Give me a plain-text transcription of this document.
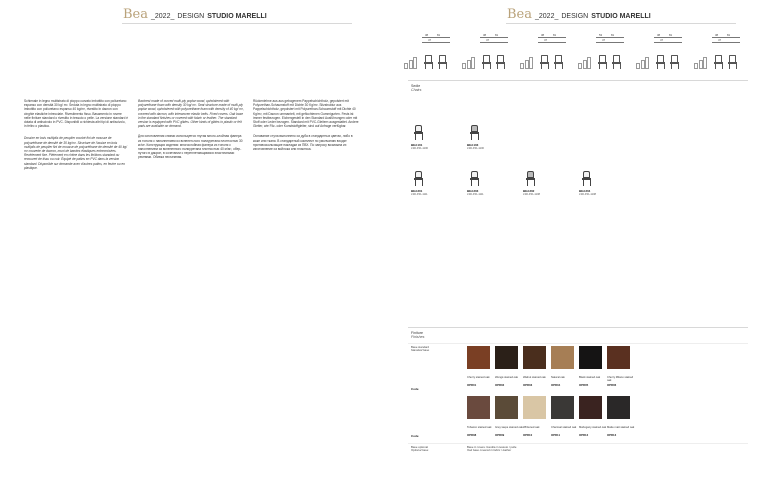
Bea _2022_ DESIGN STUDIO MARELLI

Schienale in legno multistrato di pioppo curvato imbottito con poliuretano espanso con densità 30 kg/ m³. Seduta in legno multistrato di pioppo imbottito con poliuretano espanso 40 kg/m³, rivestito in dacron con cinghie elastiche intrecciate. Rivestimento fisso. Basamento in rovere nelle finiture standard o rivestito in tessuto o pelle. La versione standard è dotata di antiscivolo in PVC. Disponibili a richiesta altri tipi di antiscivolo, in feltro o plastica.

Dossier en bois multiplis de peuplier courbé fini de mousse de polyuréthane de densité de 30 kg/m³. Structure de l'assise en bois multiplis de peuplier fini de mousse de polyuréthane de densité de 40 kg/ m³ couverte de dacron, muni de bandes élastiques entrecroisées. Revêtement fixe. Piètement en chêne dans les finitions standard ou recouvert de tissu ou cuir. Équipé de patins en PVC dans la version standard. Disponible sur demande avec d'autres patins, en feutre ou en plastique.

Backrest made of curved multi-ply poplar wood, upholstered with polyurethane foam with density 30 kg/ m³. Seat structure made of multi-ply poplar wood, upholstered with polyurethane foam with density of 40 kg/ m³, covered with dacron, with interwoven elastic belts. Fixed covers. Oak base in the standard finishes or covered with fabric or leather. The standard version is equipped with PVC glides. Other kinds of glides in plastic or felt pads are available on demand.

Для изготовления спинки используется гнутая много-слойная фанера из тополя с наполнением из вспенен-ного полиуретана плотностью 30 кг/м³. Конструкция сидения: многослойная фанера из тополя с наполнением из вспененного полиуретана плотностью 40 кг/м³, обер-нутого в дакрон, в сочетании с переплетающимися эластичными ремнями. Обивка несъемная.

Rückenlehne aus aus gebogenem Pappelschichtholz, gepolstert mit Polyurethan-Schaumstoff mit Dichte 30 Kg/m³. Sitzstruktur aus Pappelschichtholz, gepolstert mit Polyurethan-Schaumstoff mit Dichte 40 Kg/m³, mit Dacron ummantelt, mit geflochtenen Gummigurten. Fests ist immer festbezogen. Eichengestell in den Standard Ausführungen oder mit Stoff oder Leder bezogen. Standard mit PVC-Gleitern ausgestattet. Andere Gleiter, wie Filz- oder Kunststoffgleiter, sind auf Anfrage verfügbar.

Основание стула выполнено из дуба в стандартных цветах, либо в коже или ткани. В стандартный комплект по умолчанию входят противоскользящие накладки из ПВХ. По запросу возможна их изготовление из войлока или пластика.

Bea _2022_ DESIGN STUDIO MARELLI
38	81
47
38	81
47
38	81
47
53	81
47
38	81
47
38	81
47
Sedie
Chairs
BEA101
LSD-P41-1100
BEA103
LSD-P41-1100
BEA301
LSD-P41-1111
BEA303
LSD-P41-1111
BEA302
LSD-P41-1108
BEA304
LSD-P41-1108
Finiture
Finishes
Base standard
Standard base
Code
Code
Base optional
Optional base
Base in rovere rivestita in tessuto / pelle
Oak base covered in fabric / leather
Cherry stained oak
OPR01
Wengé stained oak
OPR02
Walnut stained oak
OPR03
Natural oak
OPR04
Black stained oak
OPR05
Cherry Milano stained oak
OPR06
Tobacco stained oak
OPR08
Grey taupe stained oak
OPR09
Whitened oak
OPR10
Charcoal stained oak
OPR11
Mahogany stained oak
OPR12
Matte matt stained oak
OPR13
